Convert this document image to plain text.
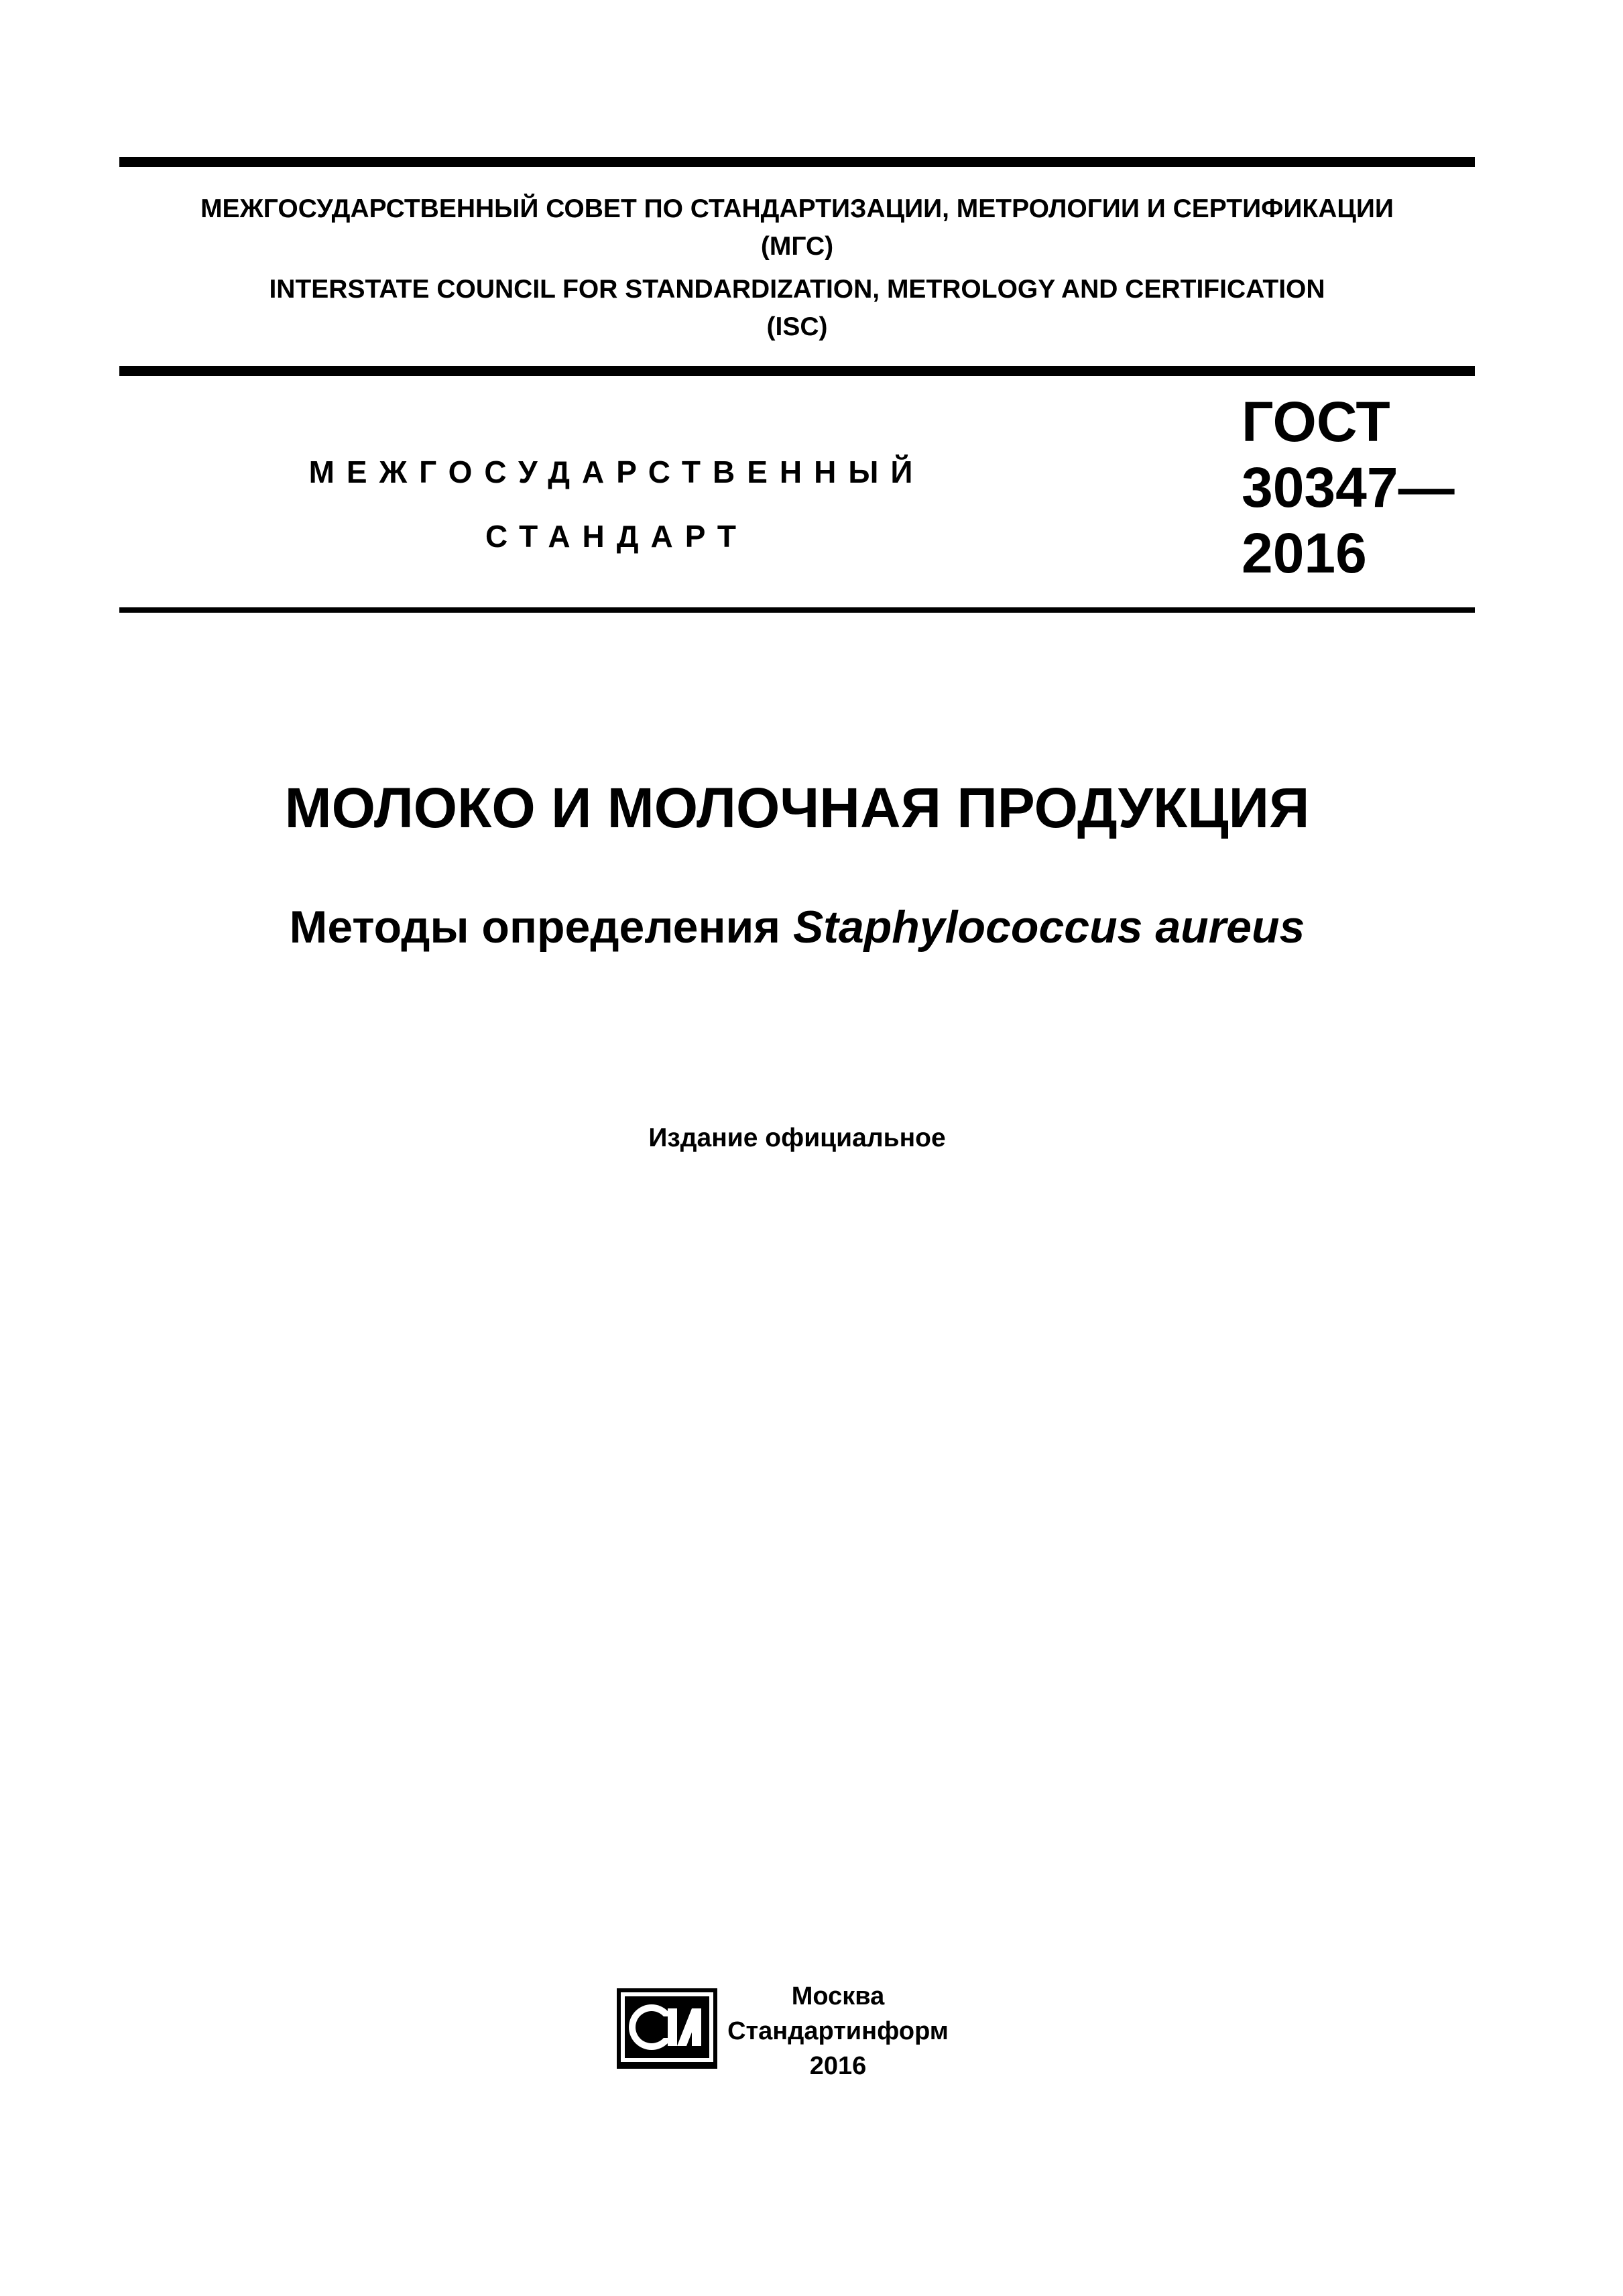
МЕЖГОСУДАРСТВЕННЫЙ СОВЕТ ПО СТАНДАРТИЗАЦИИ, МЕТРОЛОГИИ И СЕРТИФИКАЦИИ
(МГС)
INTERSTATE COUNCIL FOR STANDARDIZATION, METROLOGY AND CERTIFICATION
(ISC)
МЕЖГОСУДАРСТВЕННЫЙ
СТАНДАРТ
ГОСТ
30347—
2016
МОЛОКО И МОЛОЧНАЯ ПРОДУКЦИЯ
Методы определения Staphylococcus aureus
Издание официальное
Москва
Стандартинформ
2016
